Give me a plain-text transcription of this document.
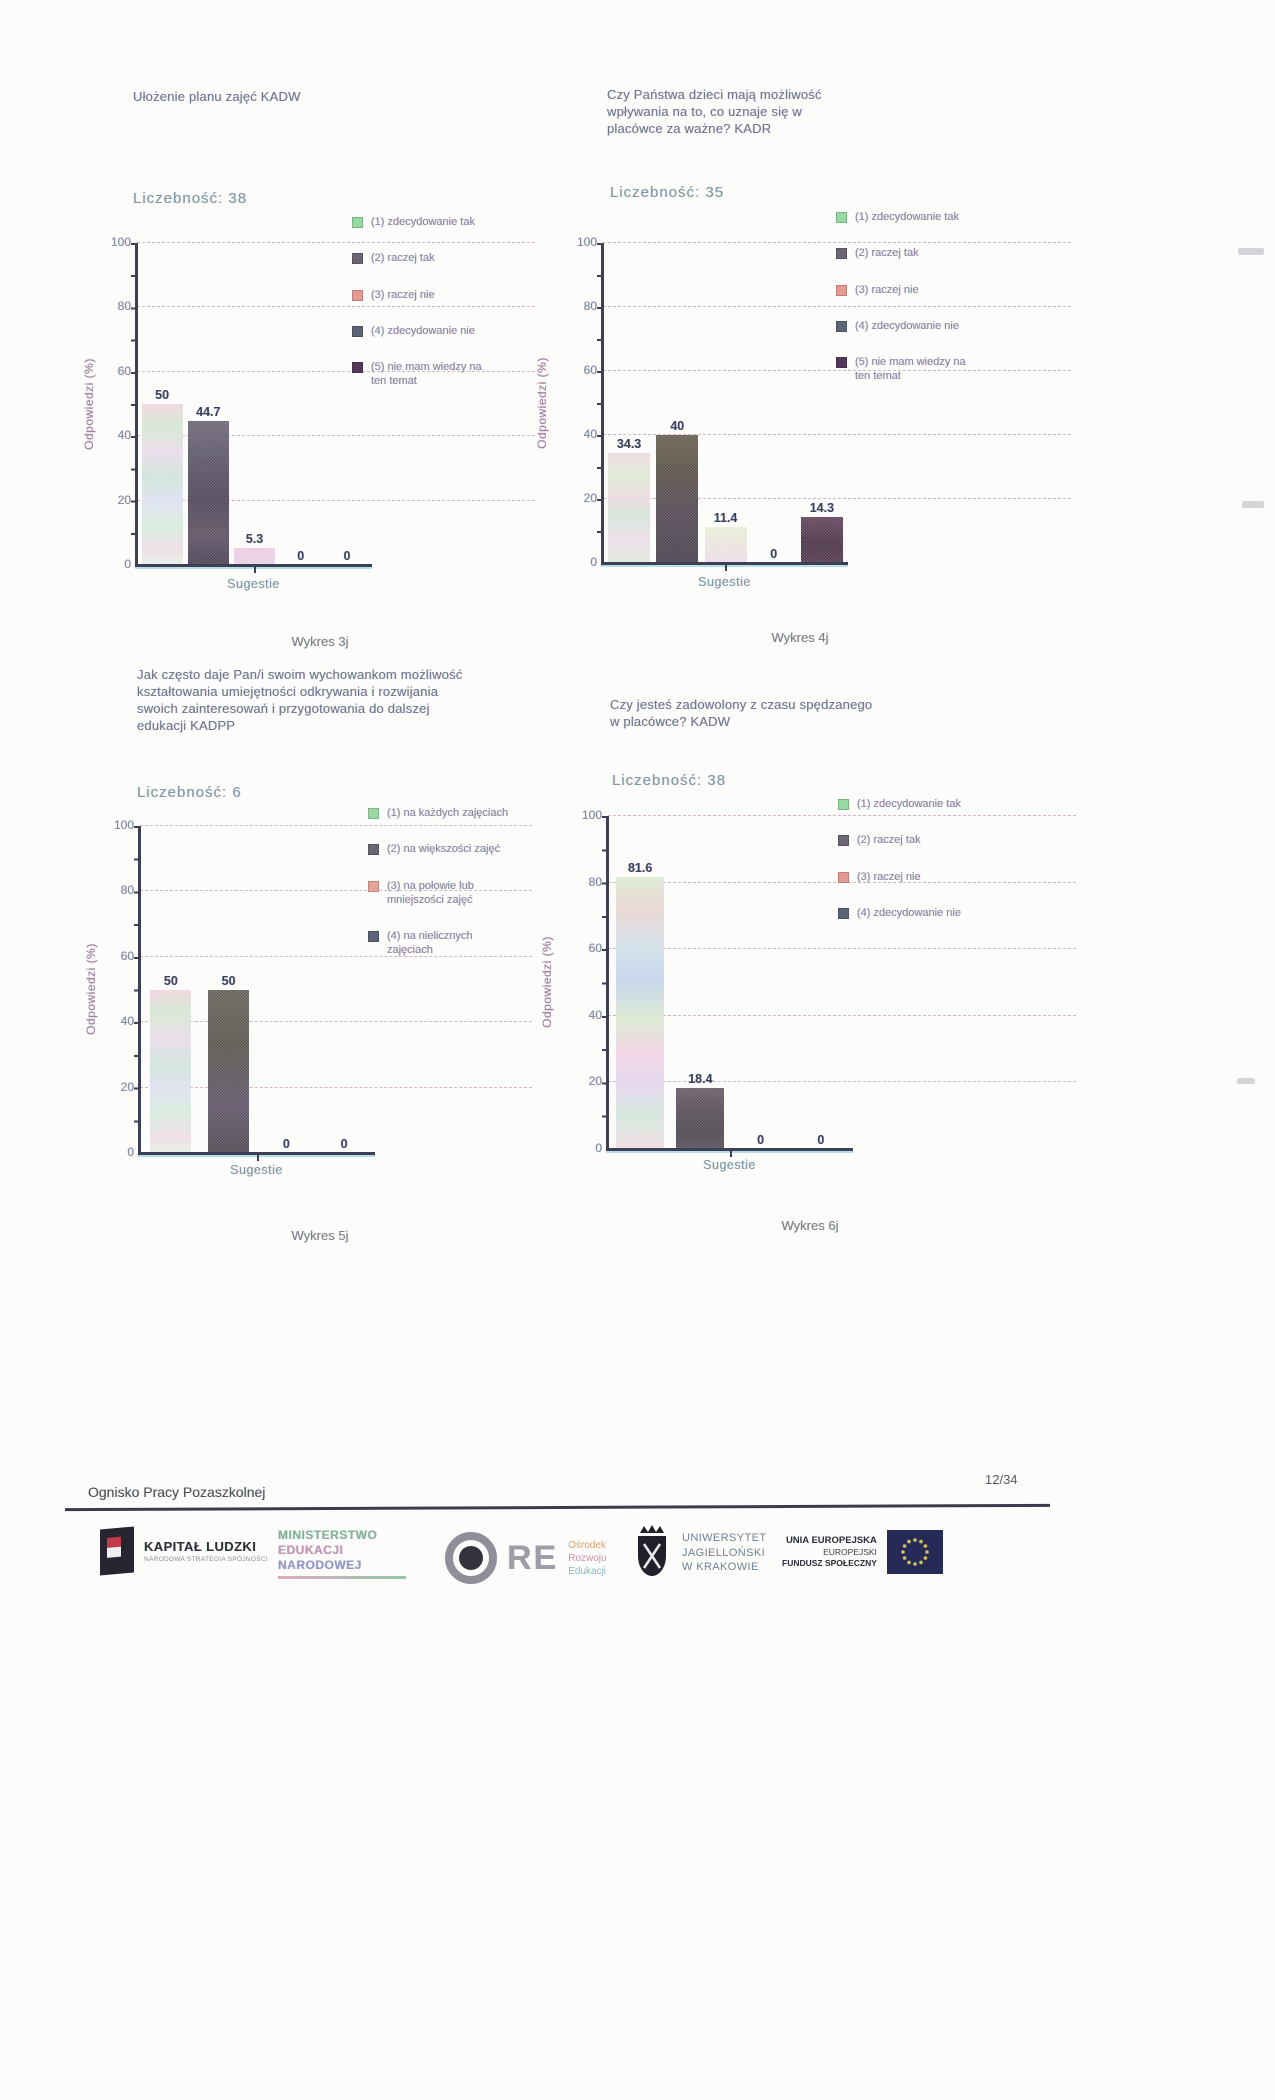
Ułożenie planu zajęć KADW
Liczebność: 38
Odpowiedzi (%)
100
80
60
40
20
0
50
44.7
5.3
0	0
Sugestie
(1) zdecydowanie tak
(2) raczej tak
(3) raczej nie
(4) zdecydowanie nie
(5) nie mam wiedzy na ten temat
Wykres 3j
Czy Państwa dzieci mają możliwość wpływania na to, co uznaje się w placówce za ważne? KADR
Liczebność: 35
Odpowiedzi (%)
100
80
60
40
20
0
34.3
40
11.4
0
14.3
Sugestie
(1) zdecydowanie tak
(2) raczej tak
(3) raczej nie
(4) zdecydowanie nie
(5) nie mam wiedzy na ten temat
Wykres 4j
Jak często daje Pan/i swoim wychowankom możliwość kształtowania umiejętności odkrywania i rozwijania swoich zainteresowań i przygotowania do dalszej edukacji KADPP
Liczebność: 6
Odpowiedzi (%)
100
80
60
40
20
0
50	50
0	0
Sugestie
(1) na każdych zajęciach
(2) na większości zajęć
(3) na połowie lub mniejszości zajęć
(4) na nielicznych zajęciach
Wykres 5j
Czy jesteś zadowolony z czasu spędzanego w placówce? KADW
Liczebność: 38
Odpowiedzi (%)
100
80
60
40
20
0
81.6
18.4
0	0
Sugestie
(1) zdecydowanie tak
(2) raczej tak
(3) raczej nie
(4) zdecydowanie nie
Wykres 6j
Ognisko Pracy Pozaszkolnej
12/34
KAPITAŁ LUDZKI
NARODOWA STRATEGIA SPÓJNOŚCI
MINISTERSTWO
EDUKACJI
NARODOWEJ	RE Ośrodek
Rozwoju
Edukacji
UNIWERSYTET
JAGIELLOŃSKI
W KRAKOWIE
UNIA EUROPEJSKA
EUROPEJSKI
FUNDUSZ SPOŁECZNY
